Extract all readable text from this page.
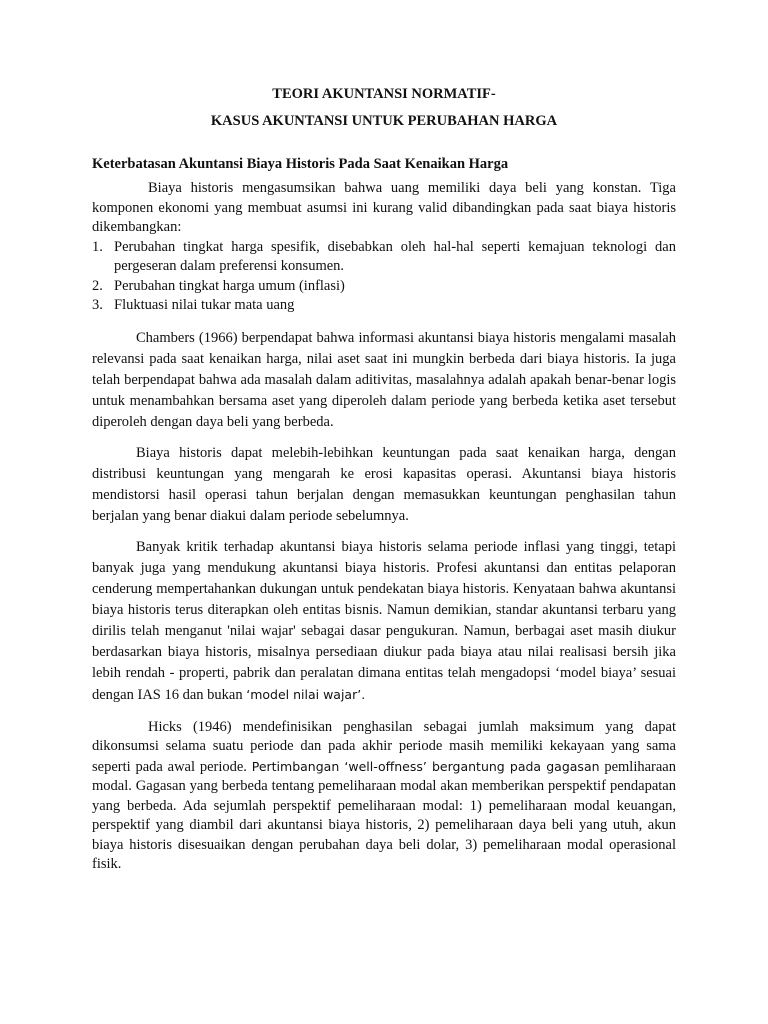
TEORI AKUNTANSI NORMATIF-
KASUS AKUNTANSI UNTUK PERUBAHAN HARGA
Keterbatasan Akuntansi Biaya Historis Pada Saat Kenaikan Harga

Biaya historis mengasumsikan bahwa uang memiliki daya beli yang konstan. Tiga komponen ekonomi yang membuat asumsi ini kurang valid dibandingkan pada saat biaya historis dikembangkan:

1. Perubahan tingkat harga spesifik, disebabkan oleh hal-hal seperti kemajuan teknologi dan pergeseran dalam preferensi konsumen.
2. Perubahan tingkat harga umum (inflasi)
3. Fluktuasi nilai tukar mata uang

Chambers (1966) berpendapat bahwa informasi akuntansi biaya historis mengalami masalah relevansi pada saat kenaikan harga, nilai aset saat ini mungkin berbeda dari biaya historis. Ia juga telah berpendapat bahwa ada masalah dalam aditivitas, masalahnya adalah apakah benar-benar logis untuk menambahkan bersama aset yang diperoleh dalam periode yang berbeda ketika aset tersebut diperoleh dengan daya beli yang berbeda.

Biaya historis dapat melebih-lebihkan keuntungan pada saat kenaikan harga, dengan distribusi keuntungan yang mengarah ke erosi kapasitas operasi. Akuntansi biaya historis mendistorsi hasil operasi tahun berjalan dengan memasukkan keuntungan penghasilan tahun berjalan yang benar diakui dalam periode sebelumnya.

Banyak kritik terhadap akuntansi biaya historis selama periode inflasi yang tinggi, tetapi banyak juga yang mendukung akuntansi biaya historis. Profesi akuntansi dan entitas pelaporan cenderung mempertahankan dukungan untuk pendekatan biaya historis. Kenyataan bahwa akuntansi biaya historis terus diterapkan oleh entitas bisnis. Namun demikian, standar akuntansi terbaru yang dirilis telah menganut 'nilai wajar' sebagai dasar pengukuran. Namun, berbagai aset masih diukur berdasarkan biaya historis, misalnya persediaan diukur pada biaya atau nilai realisasi bersih jika lebih rendah - properti, pabrik dan peralatan dimana entitas telah mengadopsi ‘model biaya’ sesuai dengan IAS 16 dan bukan ‘model nilai wajar’.

Hicks (1946) mendefinisikan penghasilan sebagai jumlah maksimum yang dapat dikonsumsi selama suatu periode dan pada akhir periode masih memiliki kekayaan yang sama seperti pada awal periode. Pertimbangan ‘well-offness’ bergantung pada gagasan pemliharaan modal. Gagasan yang berbeda tentang pemeliharaan modal akan memberikan perspektif pendapatan yang berbeda. Ada sejumlah perspektif pemeliharaan modal: 1) pemeliharaan modal keuangan, perspektif yang diambil dari akuntansi biaya historis, 2) pemeliharaan daya beli yang utuh, akun biaya historis disesuaikan dengan perubahan daya beli dolar, 3) pemeliharaan modal operasional fisik.
